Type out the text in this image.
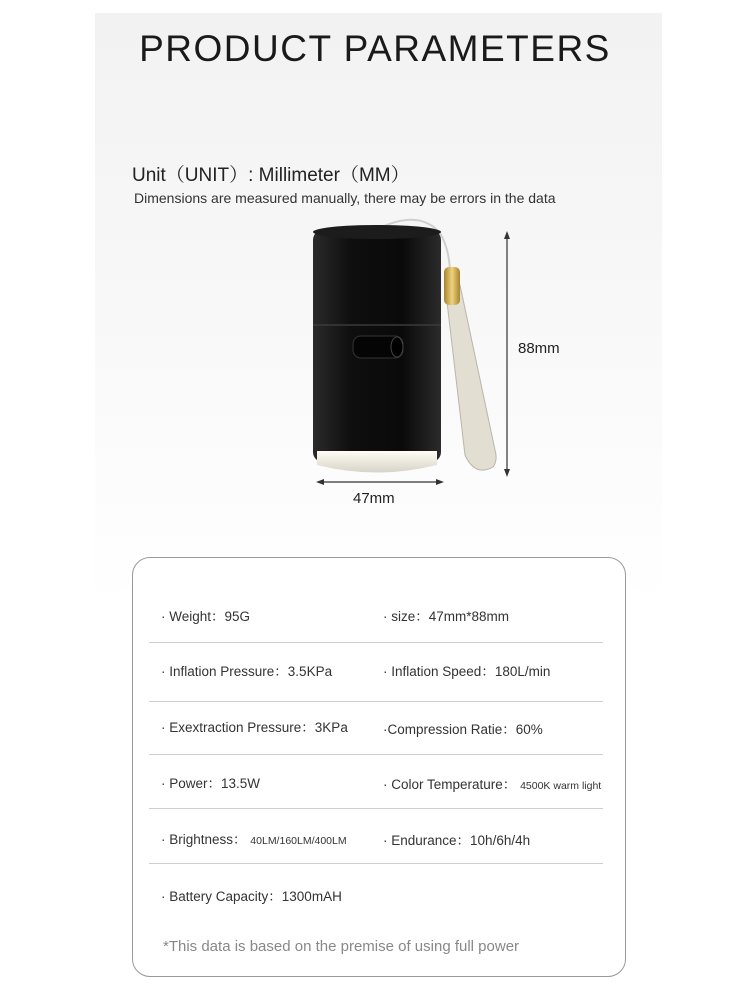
PRODUCT PARAMETERS
Unit（UNIT）: Millimeter（MM）
Dimensions are measured manually, there may be errors in the data
88mm
47mm
· Weight：95G	· size：47mm*88mm
· Inflation Pressure：3.5KPa	· Inflation Speed：180L/min
· Exextraction Pressure：3KPa	·Compression Ratie：60%
· Power：13.5W	· Color Temperature： 4500K warm light
· Brightness： 40LM/160LM/400LM	· Endurance：10h/6h/4h
· Battery Capacity：1300mAH
*This data is based on the premise of using full power
